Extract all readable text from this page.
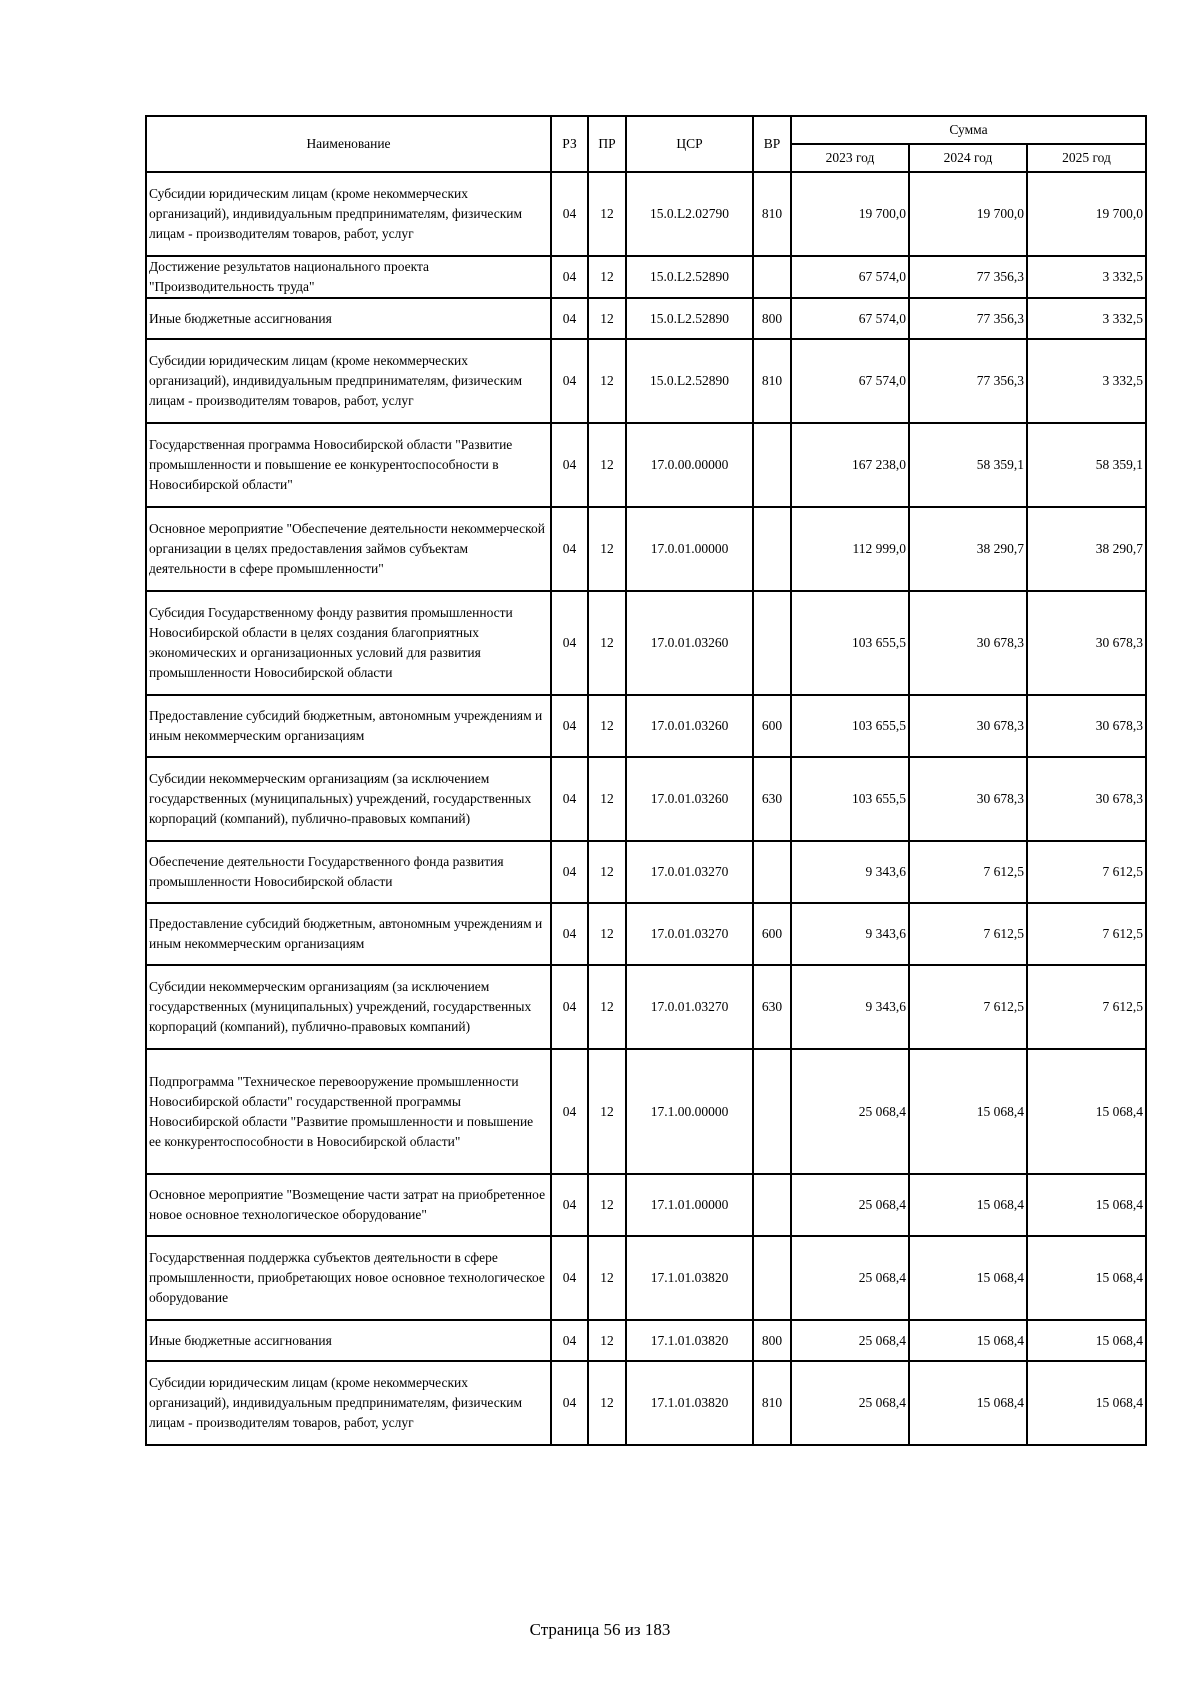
Наименование	РЗ	ПР	ЦСР	ВР	Сумма		
					2023 год	2024 год	2025 год
Субсидии юридическим лицам (кроме некоммерческих организаций), индивидуальным предпринимателям, физическим лицам - производителям товаров, работ, услуг	04	12	15.0.L2.02790	810	19 700,0	19 700,0	19 700,0
Достижение результатов национального проекта "Производительность труда"	04	12	15.0.L2.52890		67 574,0	77 356,3	3 332,5
Иные бюджетные ассигнования	04	12	15.0.L2.52890	800	67 574,0	77 356,3	3 332,5
Субсидии юридическим лицам (кроме некоммерческих организаций), индивидуальным предпринимателям, физическим лицам - производителям товаров, работ, услуг	04	12	15.0.L2.52890	810	67 574,0	77 356,3	3 332,5
Государственная программа Новосибирской области "Развитие промышленности и повышение ее конкурентоспособности в Новосибирской области"	04	12	17.0.00.00000		167 238,0	58 359,1	58 359,1
Основное мероприятие "Обеспечение деятельности некоммерческой организации в целях предоставления займов субъектам деятельности в сфере промышленности"	04	12	17.0.01.00000		112 999,0	38 290,7	38 290,7
Субсидия Государственному фонду развития промышленности Новосибирской области в целях создания благоприятных экономических и организационных условий для развития промышленности Новосибирской области	04	12	17.0.01.03260		103 655,5	30 678,3	30 678,3
Предоставление субсидий бюджетным, автономным учреждениям и иным некоммерческим организациям	04	12	17.0.01.03260	600	103 655,5	30 678,3	30 678,3
Субсидии некоммерческим организациям (за исключением государственных (муниципальных) учреждений, государственных корпораций (компаний), публично-правовых компаний)	04	12	17.0.01.03260	630	103 655,5	30 678,3	30 678,3
Обеспечение деятельности Государственного фонда развития промышленности Новосибирской области	04	12	17.0.01.03270		9 343,6	7 612,5	7 612,5
Предоставление субсидий бюджетным, автономным учреждениям и иным некоммерческим организациям	04	12	17.0.01.03270	600	9 343,6	7 612,5	7 612,5
Субсидии некоммерческим организациям (за исключением государственных (муниципальных) учреждений, государственных корпораций (компаний), публично-правовых компаний)	04	12	17.0.01.03270	630	9 343,6	7 612,5	7 612,5
Подпрограмма "Техническое перевооружение промышленности Новосибирской области" государственной программы Новосибирской области "Развитие промышленности и повышение ее конкурентоспособности в Новосибирской области"	04	12	17.1.00.00000		25 068,4	15 068,4	15 068,4
Основное мероприятие "Возмещение части затрат на приобретенное новое основное технологическое оборудование"	04	12	17.1.01.00000		25 068,4	15 068,4	15 068,4
Государственная поддержка субъектов деятельности в сфере промышленности, приобретающих новое основное технологическое оборудование	04	12	17.1.01.03820		25 068,4	15 068,4	15 068,4
Иные бюджетные ассигнования	04	12	17.1.01.03820	800	25 068,4	15 068,4	15 068,4
Субсидии юридическим лицам (кроме некоммерческих организаций), индивидуальным предпринимателям, физическим лицам - производителям товаров, работ, услуг	04	12	17.1.01.03820	810	25 068,4	15 068,4	15 068,4
Страница 56 из 183
